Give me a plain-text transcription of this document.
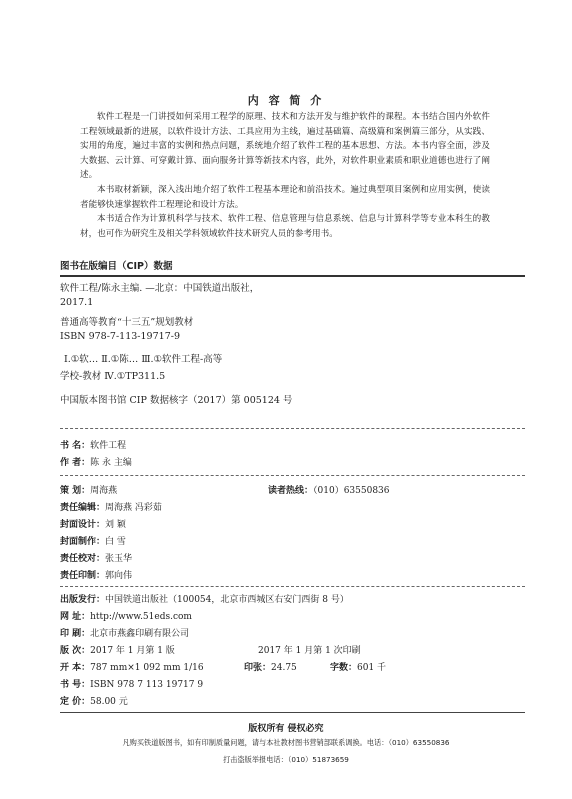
内 容 简 介
软件工程是一门讲授如何采用工程学的原理、技术和方法开发与维护软件的课程。本书结合国内外软件工程领域最新的进展，以软件设计方法、工具应用为主线，遍过基础篇、高级篇和案例篇三部分，从实践、实用的角度，遍过丰富的实例和热点问题，系统地介绍了软件工程的基本思想、方法。本书内容全面，涉及大数据、云计算、可穿戴计算、面向服务计算等新技术内容，此外，对软件职业素质和职业道德也进行了阐述。
本书取材新颖，深入浅出地介绍了软件工程基本理论和前沿技术。遍过典型项目案例和应用实例，使读者能够快速掌握软件工程理论和设计方法。
本书适合作为计算机科学与技术、软件工程、信息管理与信息系统、信息与计算科学等专业本科生的教材，也可作为研究生及相关学科领域软件技术研究人员的参考用书。
图书在版编目（CIP）数据
软件工程/陈永主编. —北京：中国铁道出版社，
2017.1
普通高等教育“十三五”规划教材
ISBN 978-7-113-19717-9
Ⅰ.①软… Ⅱ.①陈… Ⅲ.①软件工程-高等
学校-教材 Ⅳ.①TP311.5
中国版本图书馆 CIP 数据核字（2017）第 005124 号
书 名：软件工程
作 者：陈 永 主编
策 划：周海燕	读者热线：（010）63550836
责任编辑：周海燕 冯彩茹
封面设计：刘 颖
封面制作：白 雪
责任校对：张玉华
责任印制：郭向伟
出版发行：中国铁道出版社（100054，北京市西城区右安门西街 8 号）
网 址：http://www.51eds.com
印 刷：北京市燕鑫印刷有限公司
版 次：2017 年 1 月第 1 版	2017 年 1 月第 1 次印刷
开 本：787 mm×1 092 mm 1/16	印张：24.75	字数：601 千
书 号：ISBN 978 7 113 19717 9
定 价：58.00 元
版权所有 侵权必究
凡购买铁道版图书，如有印制质量问题，请与本社教材图书营销部联系调换。电话：（010）63550836
打击盗版举报电话：（010）51873659
